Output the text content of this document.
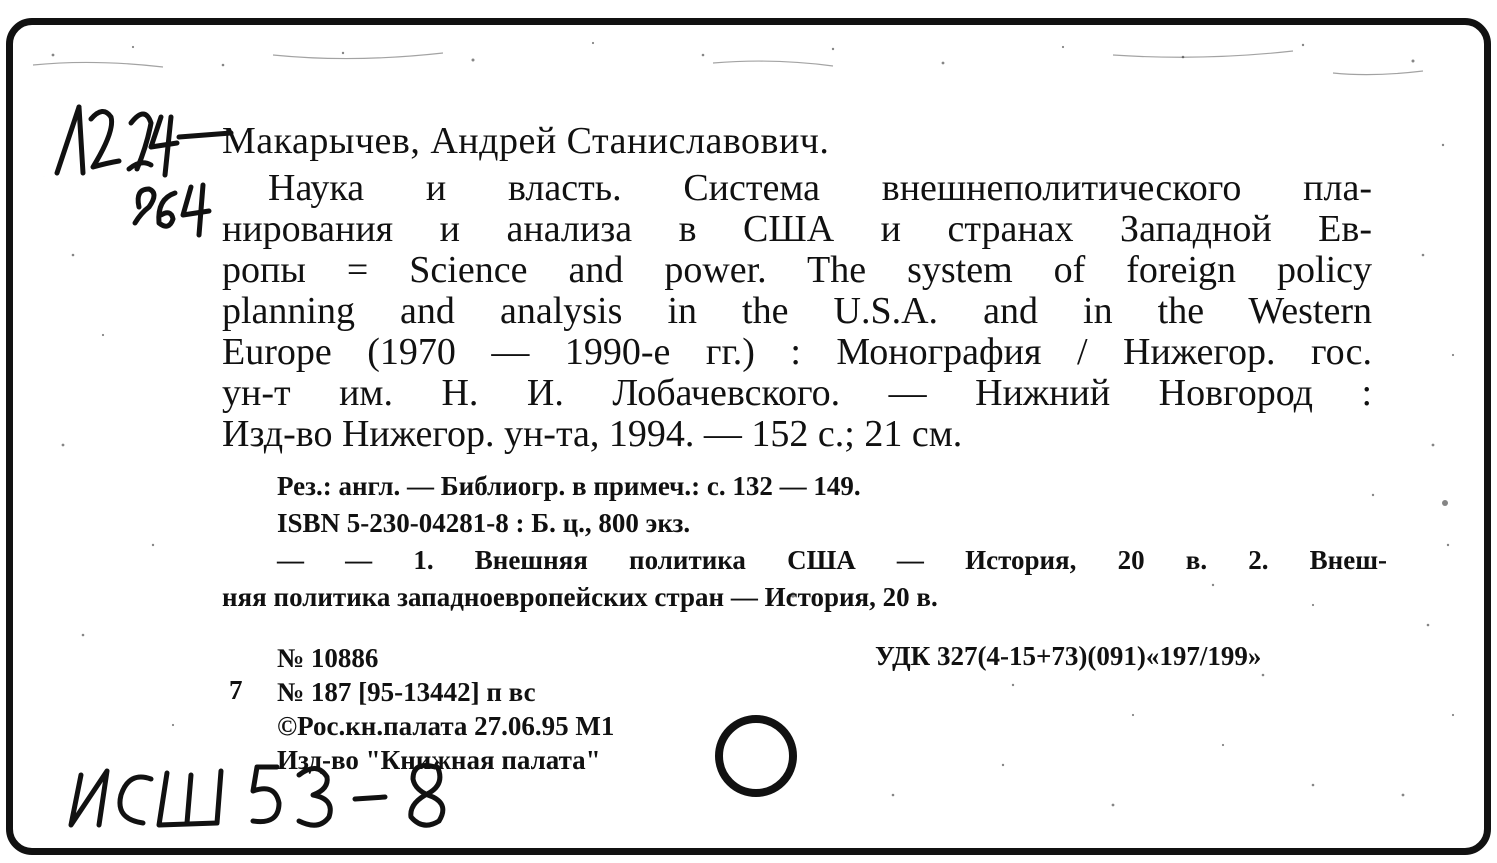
Макарычев, Андрей Станиславович.
Наука и власть. Система внешнеполитического пла-
нирования и анализа в США и странах Западной Ев-
ропы = Science and power. The system of foreign policy
planning and analysis in the U.S.A. and in the Western
Europe (1970 — 1990-е гг.) : Монография / Нижегор. гос.
ун-т им. Н. И. Лобачевского. — Нижний Новгород :
Изд-во Нижегор. ун-та, 1994. — 152 с.; 21 см.
Рез.: англ. — Библиогр. в примеч.: с. 132 — 149.
ISBN 5-230-04281-8 : Б. ц., 800 экз.
— — 1. Внешняя политика США — История, 20 в. 2. Внеш-
няя политика западноевропейских стран — История, 20 в.
№ 10886
№ 187 [95-13442] п вс
©Рос.кн.палата 27.06.95 М1
Изд-во "Книжная палата"
7
УДК 327(4-15+73)(091)«197/199»
